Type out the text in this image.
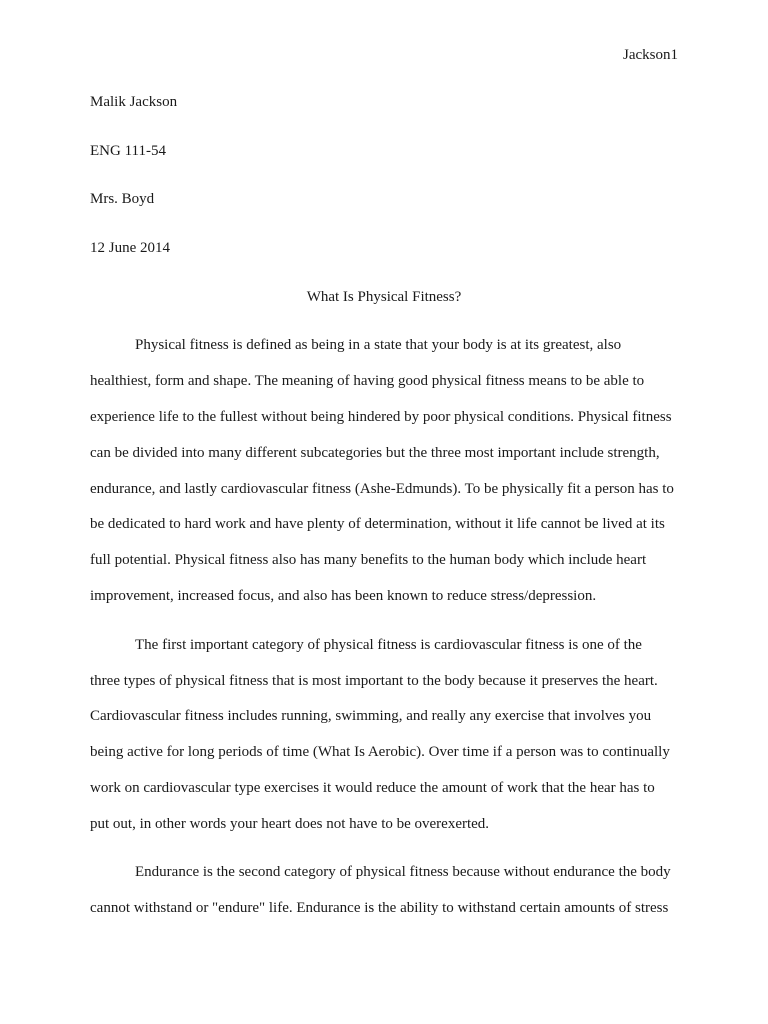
Jackson1
Malik Jackson
ENG 111-54
Mrs. Boyd
12 June 2014
What Is Physical Fitness?
Physical fitness is defined as being in a state that your body is at its greatest, also
healthiest, form and shape. The meaning of having good physical fitness means to be able to
experience life to the fullest without being hindered by poor physical conditions. Physical fitness
can be divided into many different subcategories but the three most important include strength,
endurance, and lastly cardiovascular fitness (Ashe-Edmunds). To be physically fit a person has to
be dedicated to hard work and have plenty of determination, without it life cannot be lived at its
full potential. Physical fitness also has many benefits to the human body which include heart
improvement, increased focus, and also has been known to reduce stress/depression.
The first important category of physical fitness is cardiovascular fitness is one of the
three types of physical fitness that is most important to the body because it preserves the heart.
Cardiovascular fitness includes running, swimming, and really any exercise that involves you
being active for long periods of time (What Is Aerobic). Over time if a person was to continually
work on cardiovascular type exercises it would reduce the amount of work that the hear has to
put out, in other words your heart does not have to be overexerted.
Endurance is the second category of physical fitness because without endurance the body
cannot withstand or "endure" life. Endurance is the ability to withstand certain amounts of stress
